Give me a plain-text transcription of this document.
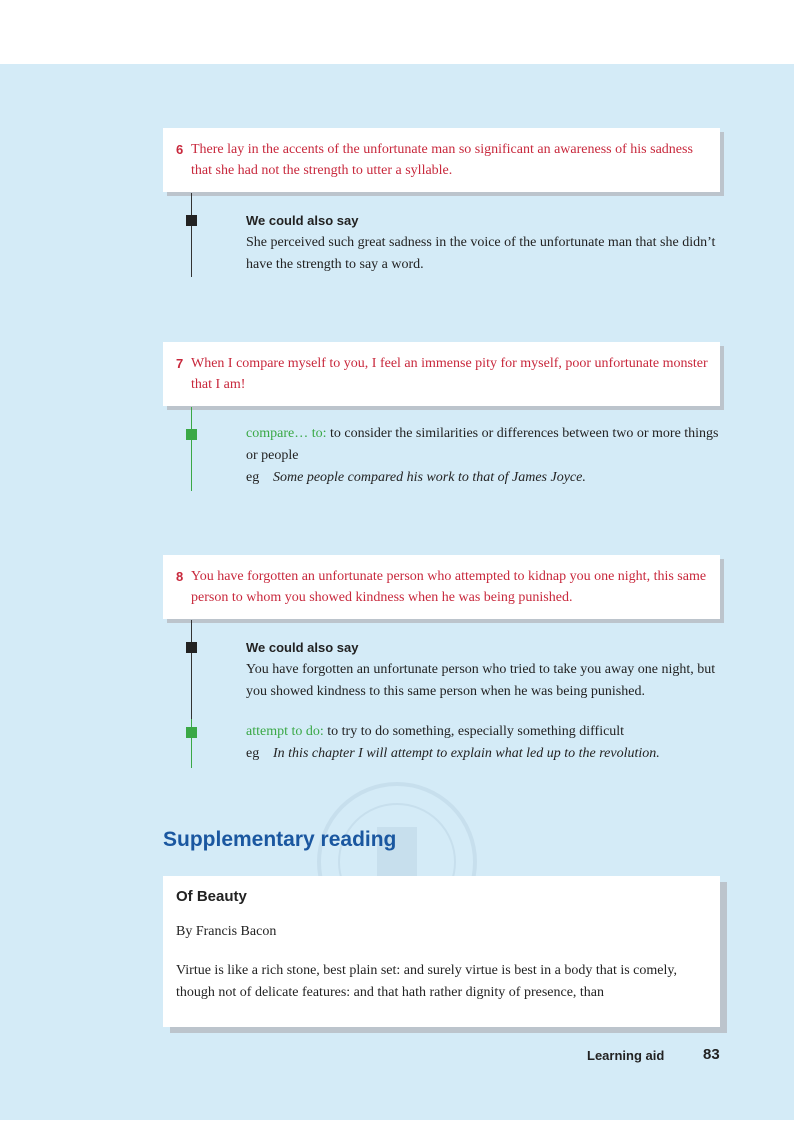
6 There lay in the accents of the unfortunate man so significant an awareness of his sadness that she had not the strength to utter a syllable.
We could also say
She perceived such great sadness in the voice of the unfortunate man that she didn’t have the strength to say a word.
7 When I compare myself to you, I feel an immense pity for myself, poor unfortunate monster that I am!
compare… to: to consider the similarities or differences between two or more things or people
eg Some people compared his work to that of James Joyce.
8 You have forgotten an unfortunate person who attempted to kidnap you one night, this same person to whom you showed kindness when he was being punished.
We could also say
You have forgotten an unfortunate person who tried to take you away one night, but you showed kindness to this same person when he was being punished.
attempt to do: to try to do something, especially something difficult
eg In this chapter I will attempt to explain what led up to the revolution.
Supplementary reading
Of Beauty
By Francis Bacon
Virtue is like a rich stone, best plain set: and surely virtue is best in a body that is comely, though not of delicate features: and that hath rather dignity of presence, than
Learning aid	83
